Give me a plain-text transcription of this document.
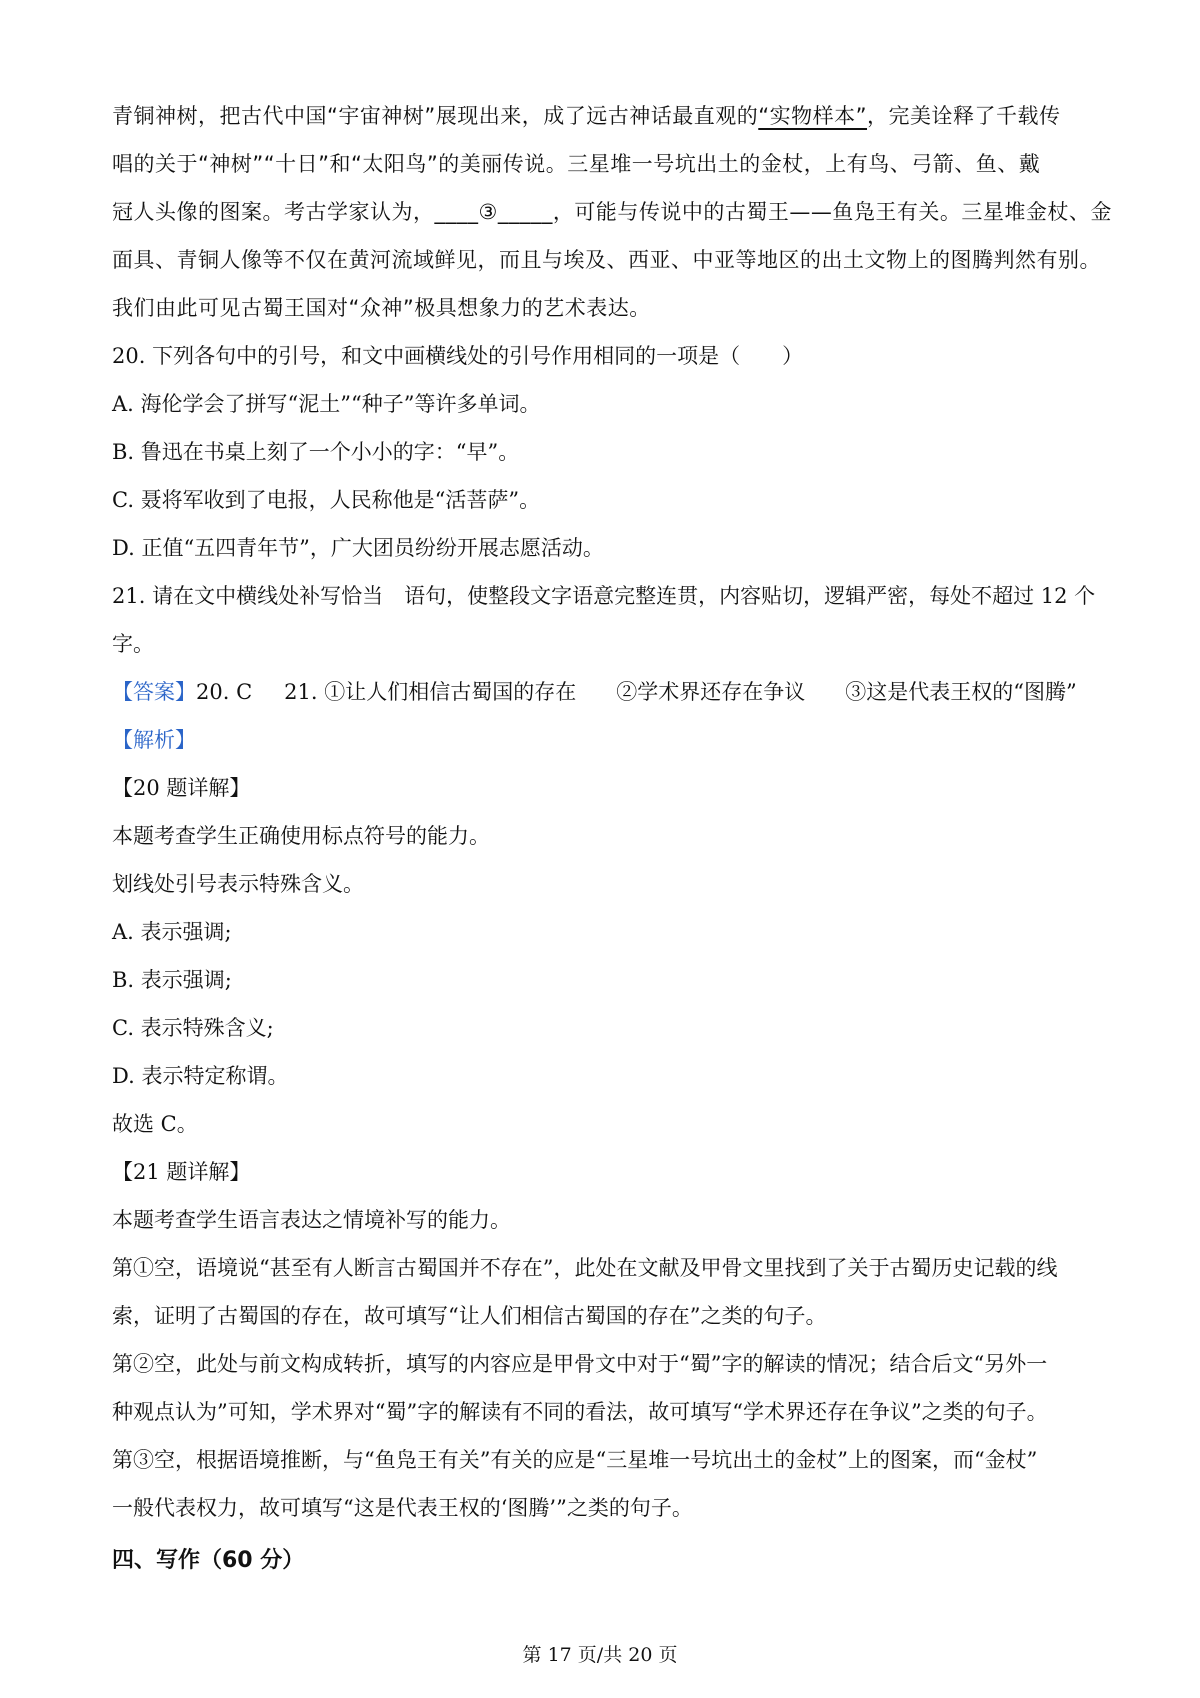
青铜神树，把古代中国“宇宙神树”展现出来，成了远古神话最直观的“实物样本”，完美诠释了千载传

唱的关于“神树”“十日”和“太阳鸟”的美丽传说。三星堆一号坑出土的金杖，上有鸟、弓箭、鱼、戴

冠人头像的图案。考古学家认为，____③_____，可能与传说中的古蜀王——鱼凫王有关。三星堆金杖、金

面具、青铜人像等不仅在黄河流域鲜见，而且与埃及、西亚、中亚等地区的出土文物上的图腾判然有别。

我们由此可见古蜀王国对“众神”极具想象力的艺术表达。

20. 下列各句中的引号，和文中画横线处的引号作用相同的一项是（　　）

A. 海伦学会了拼写“泥土”“种子”等许多单词。

B. 鲁迅在书桌上刻了一个小小的字：“早”。

C. 聂将军收到了电报，人民称他是“活菩萨”。

D. 正值“五四青年节”，广大团员纷纷开展志愿活动。

21. 请在文中横线处补写恰当　语句，使整段文字语意完整连贯，内容贴切，逻辑严密，每处不超过 12 个

字。

【答案】20. C 21. ①让人们相信古蜀国的存在 ②学术界还存在争议 ③这是代表王权的“图腾”

【解析】

【20 题详解】

本题考查学生正确使用标点符号的能力。

划线处引号表示特殊含义。

A. 表示强调;

B. 表示强调;

C. 表示特殊含义;

D. 表示特定称谓。

故选 C。

【21 题详解】

本题考查学生语言表达之情境补写的能力。

第①空，语境说“甚至有人断言古蜀国并不存在”，此处在文献及甲骨文里找到了关于古蜀历史记载的线

索，证明了古蜀国的存在，故可填写“让人们相信古蜀国的存在”之类的句子。

第②空，此处与前文构成转折，填写的内容应是甲骨文中对于“蜀”字的解读的情况；结合后文“另外一

种观点认为”可知，学术界对“蜀”字的解读有不同的看法，故可填写“学术界还存在争议”之类的句子。

第③空，根据语境推断，与“鱼凫王有关”有关的应是“三星堆一号坑出土的金杖”上的图案，而“金杖”

一般代表权力，故可填写“这是代表王权的‘图腾’”之类的句子。

四、写作（60 分）
第 17 页/共 20 页
